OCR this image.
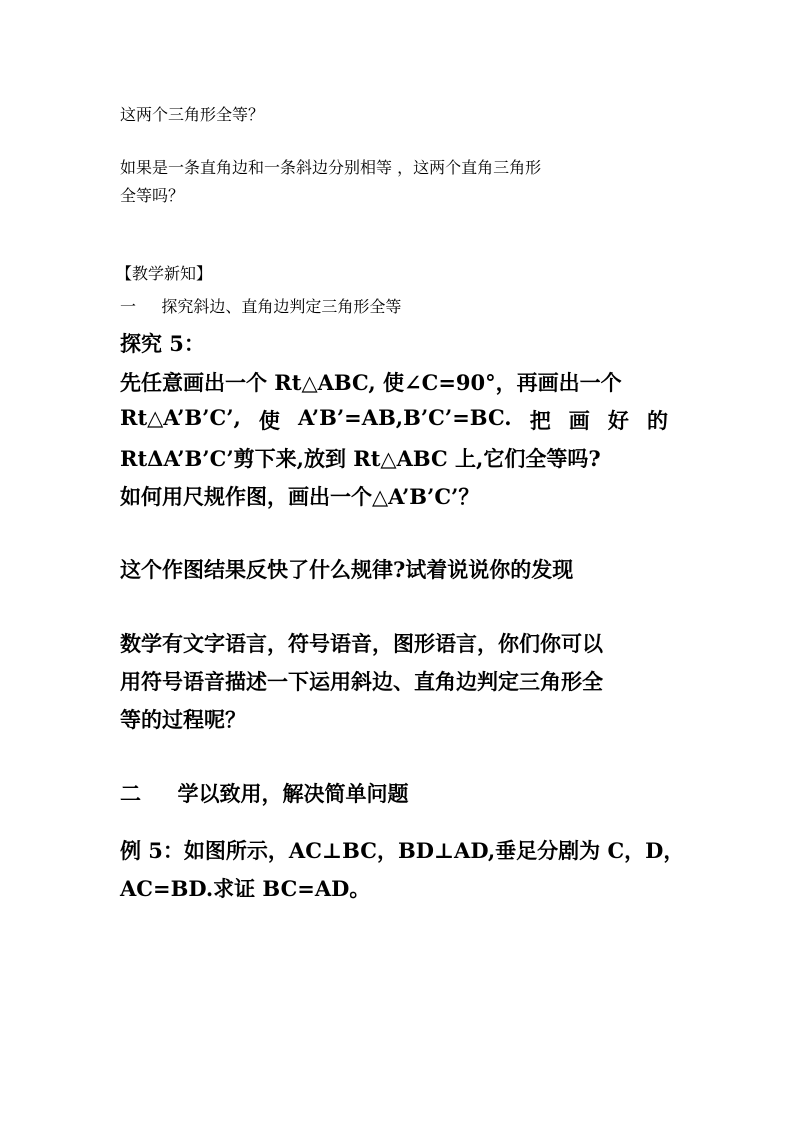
这两个三角形全等？
如果是一条直角边和一条斜边分别相等 ，这两个直角三角形
全等吗？
【教学新知】
一     探究斜边、直角边判定三角形全等
探究 5：
先任意画出一个 Rt△ABC, 使∠C=90°，再画出一个
Rt△A’B’C’, 使 A’B’=AB,B’C’=BC. 把 画 好 的
RtΔA’B’C’剪下来,放到 Rt△ABC 上,它们全等吗?
如何用尺规作图，画出一个△A’B’C’？
这个作图结果反快了什么规律?试着说说你的发现
数学有文字语言，符号语音，图形语言，你们你可以
用符号语音描述一下运用斜边、直角边判定三角形全
等的过程呢？
二     学以致用，解决简单问题
例 5：如图所示，AC⊥BC，BD⊥AD,垂足分剧为 C，D，
AC=BD.求证 BC=AD。
